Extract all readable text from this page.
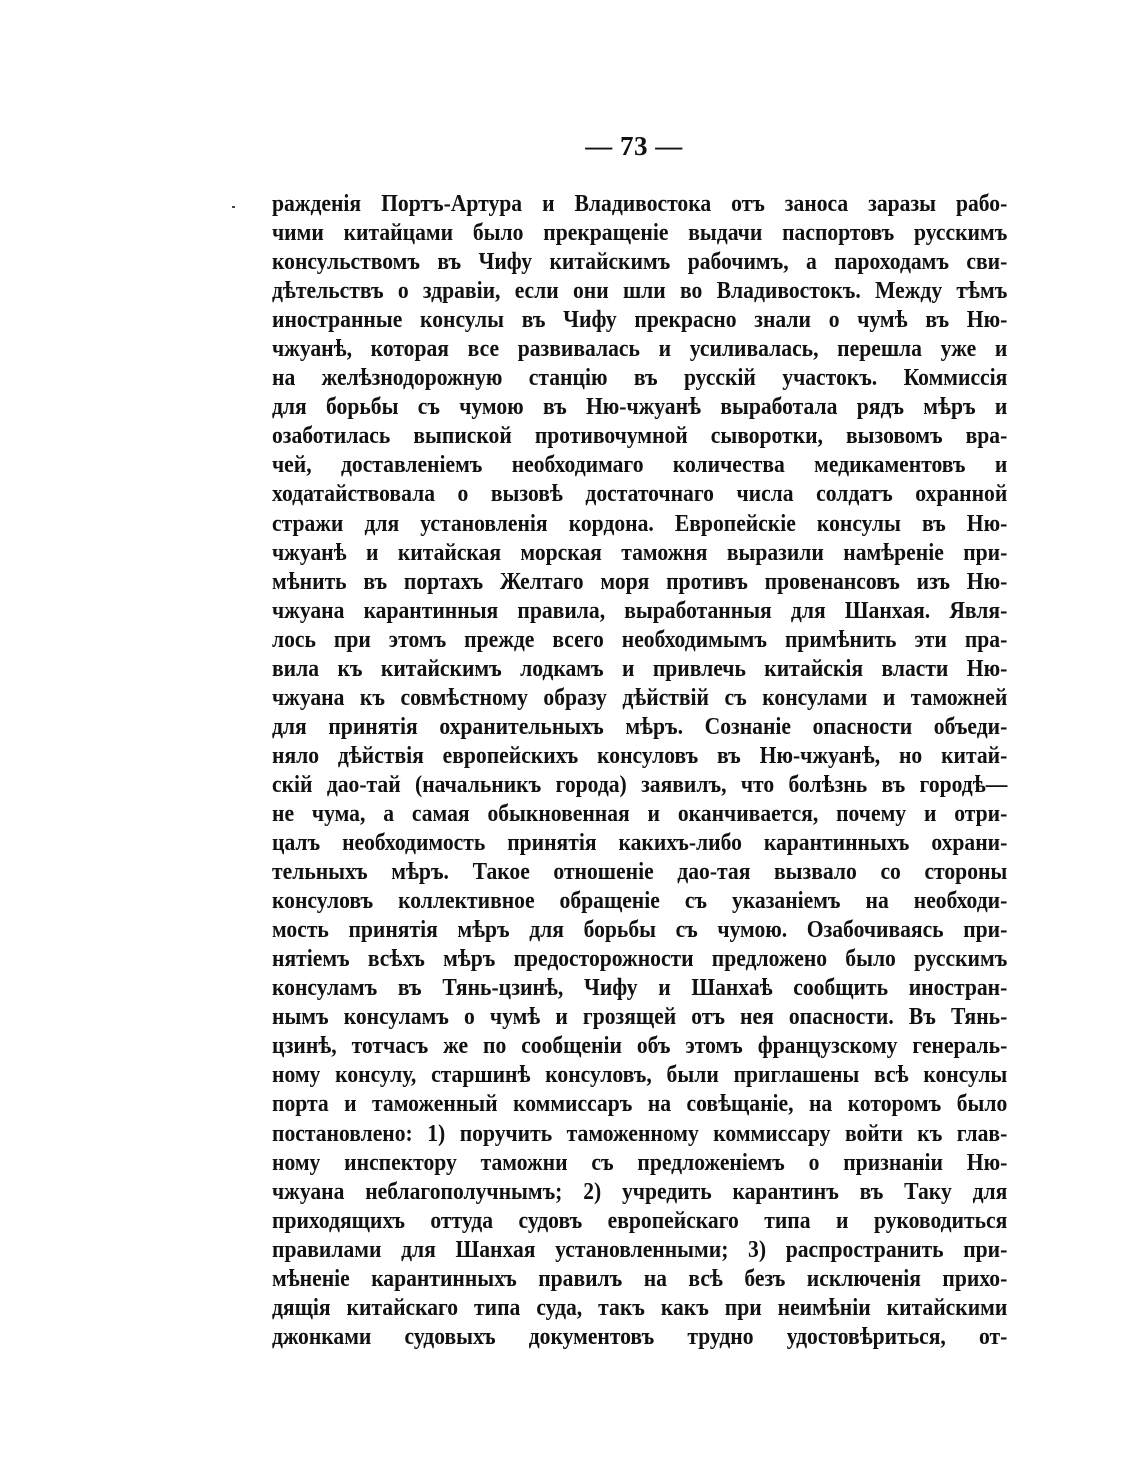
— 73 —
ражденія Портъ-Артура и Владивостока отъ заноса заразы рабо-
чими китайцами было прекращеніе выдачи паспортовъ русскимъ
консульствомъ въ Чифу китайскимъ рабочимъ, а пароходамъ сви-
дѣтельствъ о здравіи, если они шли во Владивостокъ. Между тѣмъ
иностранные консулы въ Чифу прекрасно знали о чумѣ въ Ню-
чжуанѣ, которая все развивалась и усиливалась, перешла уже и
на желѣзнодорожную станцію въ русскій участокъ. Коммиссія
для борьбы съ чумою въ Ню-чжуанѣ выработала рядъ мѣръ и
озаботилась выпиской противочумной сыворотки, вызовомъ вра-
чей, доставленіемъ необходимаго количества медикаментовъ и
ходатайствовала о вызовѣ достаточнаго числа солдатъ охранной
стражи для установленія кордона. Европейскіе консулы въ Ню-
чжуанѣ и китайская морская таможня выразили намѣреніе при-
мѣнить въ портахъ Желтаго моря противъ провенансовъ изъ Ню-
чжуана карантинныя правила, выработанныя для Шанхая. Явля-
лось при этомъ прежде всего необходимымъ примѣнить эти пра-
вила къ китайскимъ лодкамъ и привлечь китайскія власти Ню-
чжуана къ совмѣстному образу дѣйствій съ консулами и таможней
для принятія охранительныхъ мѣръ. Сознаніе опасности объеди-
няло дѣйствія европейскихъ консуловъ въ Ню-чжуанѣ, но китай-
скій дао-тай (начальникъ города) заявилъ, что болѣзнь въ городѣ—
не чума, а самая обыкновенная и оканчивается, почему и отри-
цалъ необходимость принятія какихъ-либо карантинныхъ охрани-
тельныхъ мѣръ. Такое отношеніе дао-тая вызвало со стороны
консуловъ коллективное обращеніе съ указаніемъ на необходи-
мость принятія мѣръ для борьбы съ чумою. Озабочиваясь при-
нятіемъ всѣхъ мѣръ предосторожности предложено было русскимъ
консуламъ въ Тянь-цзинѣ, Чифу и Шанхаѣ сообщить иностран-
нымъ консуламъ о чумѣ и грозящей отъ нея опасности. Въ Тянь-
цзинѣ, тотчасъ же по сообщеніи объ этомъ французскому генераль-
ному консулу, старшинѣ консуловъ, были приглашены всѣ консулы
порта и таможенный коммиссаръ на совѣщаніе, на которомъ было
постановлено: 1) поручить таможенному коммиссару войти къ глав-
ному инспектору таможни съ предложеніемъ о признаніи Ню-
чжуана неблагополучнымъ; 2) учредить карантинъ въ Таку для
приходящихъ оттуда судовъ европейскаго типа и руководиться
правилами для Шанхая установленными; 3) распространить при-
мѣненіе карантинныхъ правилъ на всѣ безъ исключенія прихо-
дящія китайскаго типа суда, такъ какъ при неимѣніи китайскими
джонками судовыхъ документовъ трудно удостовѣриться, от-
